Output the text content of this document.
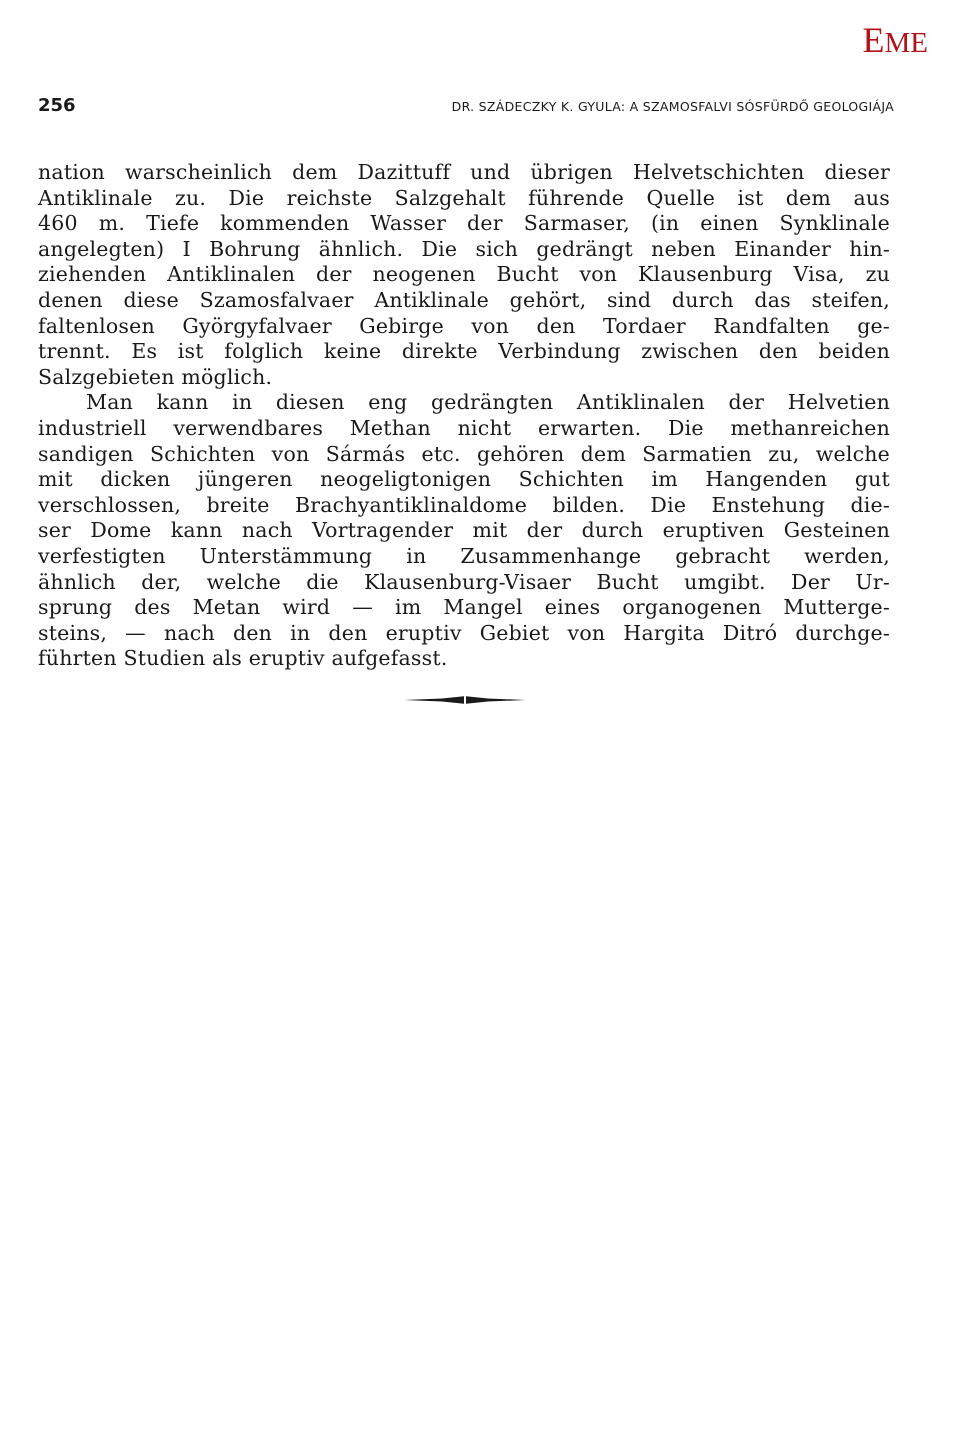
EME
256	DR. SZÁDECZKY K. GYULA: A SZAMOSFALVI SÓSFÜRDŐ GEOLOGIÁJA
nation warscheinlich dem Dazittuff und übrigen Helvetschichten dieser
Antiklinale zu. Die reichste Salzgehalt führende Quelle ist dem aus
460 m. Tiefe kommenden Wasser der Sarmaser, (in einen Synklinale
angelegten) I Bohrung ähnlich. Die sich gedrängt neben Einander hin-
ziehenden Antiklinalen der neogenen Bucht von Klausenburg Visa, zu
denen diese Szamosfalvaer Antiklinale gehört, sind durch das steifen,
faltenlosen Györgyfalvaer Gebirge von den Tordaer Randfalten ge-
trennt. Es ist folglich keine direkte Verbindung zwischen den beiden
Salzgebieten möglich.
Man kann in diesen eng gedrängten Antiklinalen der Helvetien
industriell verwendbares Methan nicht erwarten. Die methanreichen
sandigen Schichten von Sármás etc. gehören dem Sarmatien zu, welche
mit dicken jüngeren neogeligtonigen Schichten im Hangenden gut
verschlossen, breite Brachyantiklinaldome bilden. Die Enstehung die-
ser Dome kann nach Vortragender mit der durch eruptiven Gesteinen
verfestigten Unterstämmung in Zusammenhange gebracht werden,
ähnlich der, welche die Klausenburg-Visaer Bucht umgibt. Der Ur-
sprung des Metan wird — im Mangel eines organogenen Mutterge-
steins, — nach den in den eruptiv Gebiet von Hargita Ditró durchge-
führten Studien als eruptiv aufgefasst.
